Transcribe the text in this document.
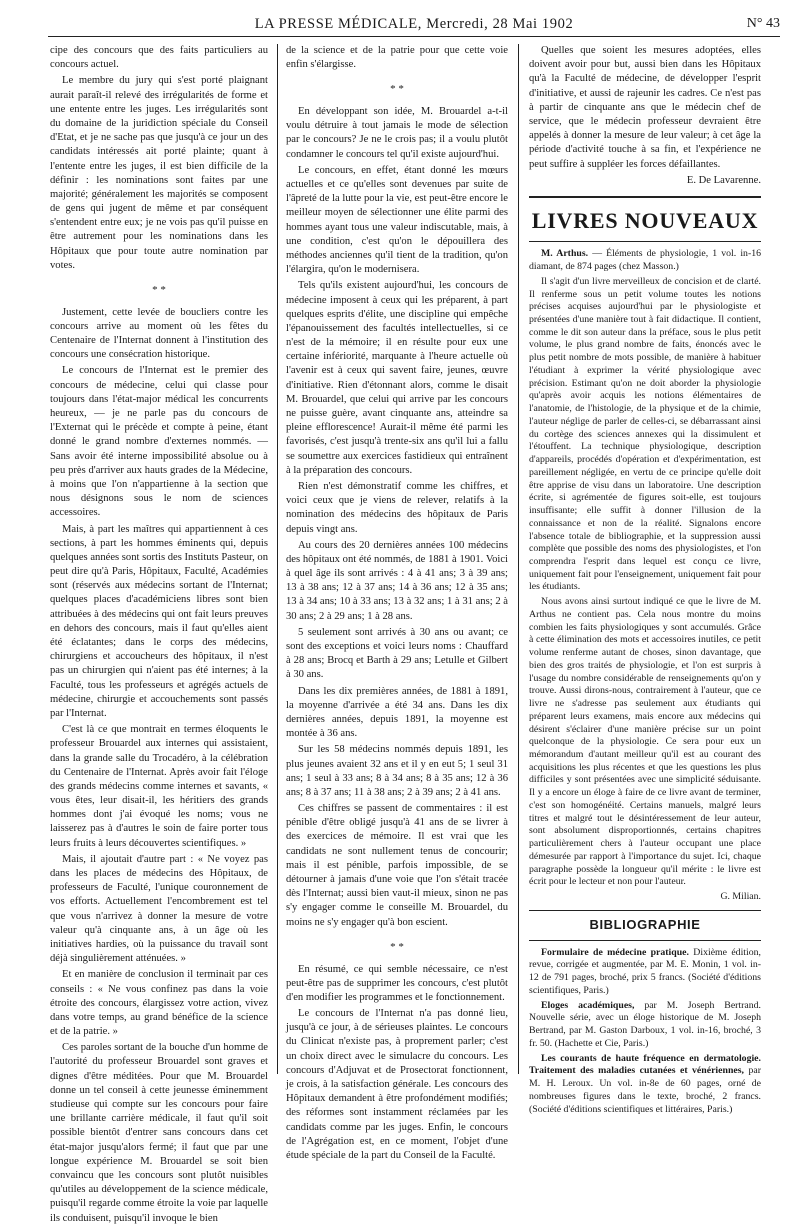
LA PRESSE MÉDICALE, Mercredi, 28 Mai 1902	N° 43

cipe des concours que des faits particuliers au concours actuel.

Le membre du jury qui s'est porté plaignant aurait paraît-il relevé des irrégularités de forme et une entente entre les juges. Les irrégularités sont du domaine de la juridiction spéciale du Conseil d'Etat, et je ne sache pas que jusqu'à ce jour un des candidats intéressés ait porté plainte; quant à l'entente entre les juges, il est bien difficile de la définir : les nominations sont faites par une majorité; généralement les majorités se composent de gens qui jugent de même et par conséquent s'entendent entre eux; je ne vois pas qu'il puisse en être autrement pour les nominations dans les Hôpitaux que pour toute autre nomination par votes.

* *

Justement, cette levée de boucliers contre les concours arrive au moment où les fêtes du Centenaire de l'Internat donnent à l'institution des concours une consécration historique.

Le concours de l'Internat est le premier des concours de médecine, celui qui classe pour toujours dans l'état-major médical les concurrents heureux, — je ne parle pas du concours de l'Externat qui le précède et compte à peine, étant donné le grand nombre d'externes nommés. — Sans avoir été interne impossibilité absolue ou à peu près d'arriver aux hauts grades de la Médecine, à moins que l'on n'appartienne à la section que nous désignons sous le nom de sciences accessoires.

Mais, à part les maîtres qui appartiennent à ces sections, à part les hommes éminents qui, depuis quelques années sont sortis des Instituts Pasteur, on peut dire qu'à Paris, Hôpitaux, Faculté, Académies sont (réservés aux médecins sortant de l'Internat; quelques places d'académiciens libres sont bien attribuées à des médecins qui ont fait leurs preuves en dehors des concours, mais il faut qu'elles aient été éclatantes; dans le corps des médecins, chirurgiens et accoucheurs des hôpitaux, il n'est pas un chirurgien qui n'aient pas été internes; à la Faculté, tous les professeurs et agrégés actuels de médecine, chirurgie et accouchements sont passés par l'Internat.

C'est là ce que montrait en termes éloquents le professeur Brouardel aux internes qui assistaient, dans la grande salle du Trocadéro, à la célébration du Centenaire de l'Internat. Après avoir fait l'éloge des grands médecins comme internes et savants, « vous êtes, leur disait-il, les héritiers des grands hommes dont j'ai évoqué les noms; vous ne laisserez pas à d'autres le soin de faire porter tous leurs fruits à leurs découvertes scientifiques. »

Mais, il ajoutait d'autre part : « Ne voyez pas dans les places de médecins des Hôpitaux, de professeurs de Faculté, l'unique couronnement de vos efforts. Actuellement l'encombrement est tel que vous n'arrivez à donner la mesure de votre valeur qu'à cinquante ans, à un âge où les initiatives hardies, où la puissance du travail sont déjà singulièrement atténuées. »

Et en manière de conclusion il terminait par ces conseils : « Ne vous confinez pas dans la voie étroite des concours, élargissez votre action, vivez dans votre temps, au grand bénéfice de la science et de la patrie. »

Ces paroles sortant de la bouche d'un homme de l'autorité du professeur Brouardel sont graves et dignes d'être méditées. Pour que M. Brouardel donne un tel conseil à cette jeunesse éminemment studieuse qui compte sur les concours pour faire une brillante carrière médicale, il faut qu'il soit possible bientôt d'entrer sans concours dans cet état-major jusqu'alors fermé; il faut que par une longue expérience M. Brouardel se soit bien convaincu que les concours sont plutôt nuisibles qu'utiles au développement de la science médicale, puisqu'il regarde comme étroite la voie par laquelle ils conduisent, puisqu'il invoque le bien

de la science et de la patrie pour que cette voie enfin s'élargisse.

* *

En développant son idée, M. Brouardel a-t-il voulu détruire à tout jamais le mode de sélection par le concours? Je ne le crois pas; il a voulu plutôt condamner le concours tel qu'il existe aujourd'hui.

Le concours, en effet, étant donné les mœurs actuelles et ce qu'elles sont devenues par suite de l'âpreté de la lutte pour la vie, est peut-être encore le meilleur moyen de sélectionner une élite parmi des hommes ayant tous une valeur indiscutable, mais, à une condition, c'est qu'on le dépouillera des méthodes anciennes qu'il tient de la tradition, qu'on l'élargira, qu'on le modernisera.

Tels qu'ils existent aujourd'hui, les concours de médecine imposent à ceux qui les préparent, à part quelques esprits d'élite, une discipline qui empêche l'épanouissement des facultés intellectuelles, si ce n'est de la mémoire; il en résulte pour eux une certaine infériorité, marquante à l'heure actuelle où l'avenir est à ceux qui savent faire, jeunes, œuvre d'initiative. Rien d'étonnant alors, comme le disait M. Brouardel, que celui qui arrive par les concours ne puisse guère, avant cinquante ans, atteindre sa pleine efflorescence! Aurait-il même été parmi les favorisés, c'est jusqu'à trente-six ans qu'il lui a fallu se soumettre aux exercices fastidieux qui entraînent à la préparation des concours.

Rien n'est démonstratif comme les chiffres, et voici ceux que je viens de relever, relatifs à la nomination des médecins des hôpitaux de Paris depuis vingt ans.

Au cours des 20 dernières années 100 médecins des hôpitaux ont été nommés, de 1881 à 1901. Voici à quel âge ils sont arrivés : 4 à 41 ans; 3 à 39 ans; 13 à 38 ans; 12 à 37 ans; 14 à 36 ans; 12 à 35 ans; 13 à 34 ans; 10 à 33 ans; 13 à 32 ans; 1 à 31 ans; 2 à 30 ans; 2 à 29 ans; 1 à 28 ans.

5 seulement sont arrivés à 30 ans ou avant; ce sont des exceptions et voici leurs noms : Chauffard à 28 ans; Brocq et Barth à 29 ans; Letulle et Gilbert à 30 ans.

Dans les dix premières années, de 1881 à 1891, la moyenne d'arrivée a été 34 ans. Dans les dix dernières années, depuis 1891, la moyenne est montée à 36 ans.

Sur les 58 médecins nommés depuis 1891, les plus jeunes avaient 32 ans et il y en eut 5; 1 seul 31 ans; 1 seul à 33 ans; 8 à 34 ans; 8 à 35 ans; 12 à 36 ans; 8 à 37 ans; 11 à 38 ans; 2 à 39 ans; 2 à 41 ans.

Ces chiffres se passent de commentaires : il est pénible d'être obligé jusqu'à 41 ans de se livrer à des exercices de mémoire. Il est vrai que les candidats ne sont nullement tenus de concourir; mais il est pénible, parfois impossible, de se détourner à jamais d'une voie que l'on s'était tracée dès l'Internat; aussi bien vaut-il mieux, sinon ne pas s'y engager comme le conseille M. Brouardel, du moins ne s'y engager qu'à bon escient.

* *

En résumé, ce qui semble nécessaire, ce n'est peut-être pas de supprimer les concours, c'est plutôt d'en modifier les programmes et le fonctionnement.

Le concours de l'Internat n'a pas donné lieu, jusqu'à ce jour, à de sérieuses plaintes. Le concours du Clinicat n'existe pas, à proprement parler; c'est un choix direct avec le simulacre du concours. Les concours d'Adjuvat et de Prosectorat fonctionnent, je crois, à la satisfaction générale. Les concours des Hôpitaux demandent à être profondément modifiés; des réformes sont instamment réclamées par les candidats comme par les juges. Enfin, le concours de l'Agrégation est, en ce moment, l'objet d'une étude spéciale de la part du Conseil de la Faculté.

Quelles que soient les mesures adoptées, elles doivent avoir pour but, aussi bien dans les Hôpitaux qu'à la Faculté de médecine, de développer l'esprit d'initiative, et aussi de rajeunir les cadres. Ce n'est pas à partir de cinquante ans que le médecin chef de service, que le médecin professeur devraient être appelés à donner la mesure de leur valeur; à cet âge la période d'activité touche à sa fin, et l'expérience ne peut suffire à suppléer les forces défaillantes.

E. De Lavarenne.
LIVRES NOUVEAUX

M. Arthus. — Éléments de physiologie, 1 vol. in-16 diamant, de 874 pages (chez Masson.)

Il s'agit d'un livre merveilleux de concision et de clarté. Il renferme sous un petit volume toutes les notions précises acquises aujourd'hui par le physiologiste et présentées d'une manière tout à fait didactique. Il contient, comme le dit son auteur dans la préface, sous le plus petit volume, le plus grand nombre de faits, énoncés avec le plus petit nombre de mots possible, de manière à habituer l'étudiant à exprimer la vérité physiologique avec précision. Estimant qu'on ne doit aborder la physiologie qu'après avoir acquis les notions élémentaires de l'anatomie, de l'histologie, de la physique et de la chimie, l'auteur néglige de parler de celles-ci, se débarrassant ainsi du cortège des sciences annexes qui la dissimulent et l'étouffent. La technique physiologique, description d'appareils, procédés d'opération et d'expérimentation, est pareillement négligée, en vertu de ce principe qu'elle doit être apprise de visu dans un laboratoire. Une description écrite, si agrémentée de figures soit-elle, est toujours insuffisante; elle suffit à donner l'illusion de la connaissance et non de la réalité. Signalons encore l'absence totale de bibliographie, et la suppression aussi complète que possible des noms des physiologistes, et l'on comprendra l'esprit dans lequel est conçu ce livre, uniquement fait pour l'enseignement, uniquement fait pour les étudiants.

Nous avons ainsi surtout indiqué ce que le livre de M. Arthus ne contient pas. Cela nous montre du moins combien les faits physiologiques y sont accumulés. Grâce à cette élimination des mots et accessoires inutiles, ce petit volume renferme autant de choses, sinon davantage, que bien des gros traités de physiologie, et l'on est surpris à l'usage du nombre considérable de renseignements qu'on y trouve. Aussi dirons-nous, contrairement à l'auteur, que ce livre ne s'adresse pas seulement aux étudiants qui préparent leurs examens, mais encore aux médecins qui désirent s'éclairer d'une manière précise sur un point quelconque de la physiologie. Ce sera pour eux un mémorandum d'autant meilleur qu'il est au courant des acquisitions les plus récentes et que les questions les plus difficiles y sont présentées avec une simplicité séduisante. Il y a encore un éloge à faire de ce livre avant de terminer, c'est son homogénéité. Certains manuels, malgré leurs titres et malgré tout le désintéressement de leur auteur, sont absolument disproportionnés, certains chapitres particulièrement chers à l'auteur occupant une place démesurée par rapport à l'importance du sujet. Ici, chaque paragraphe possède la longueur qu'il mérite : le livre est écrit pour le lecteur et non pour l'auteur.

G. Milian.
BIBLIOGRAPHIE

Formulaire de médecine pratique. Dixième édition, revue, corrigée et augmentée, par M. E. Monin, 1 vol. in-12 de 791 pages, broché, prix 5 francs. (Société d'éditions scientifiques, Paris.)

Eloges académiques, par M. Joseph Bertrand. Nouvelle série, avec un éloge historique de M. Joseph Bertrand, par M. Gaston Darboux, 1 vol. in-16, broché, 3 fr. 50. (Hachette et Cie, Paris.)

Les courants de haute fréquence en dermatologie. Traitement des maladies cutanées et vénériennes, par M. H. Leroux. Un vol. in-8e de 60 pages, orné de nombreuses figures dans le texte, broché, 2 francs. (Société d'éditions scientifiques et littéraires, Paris.)
